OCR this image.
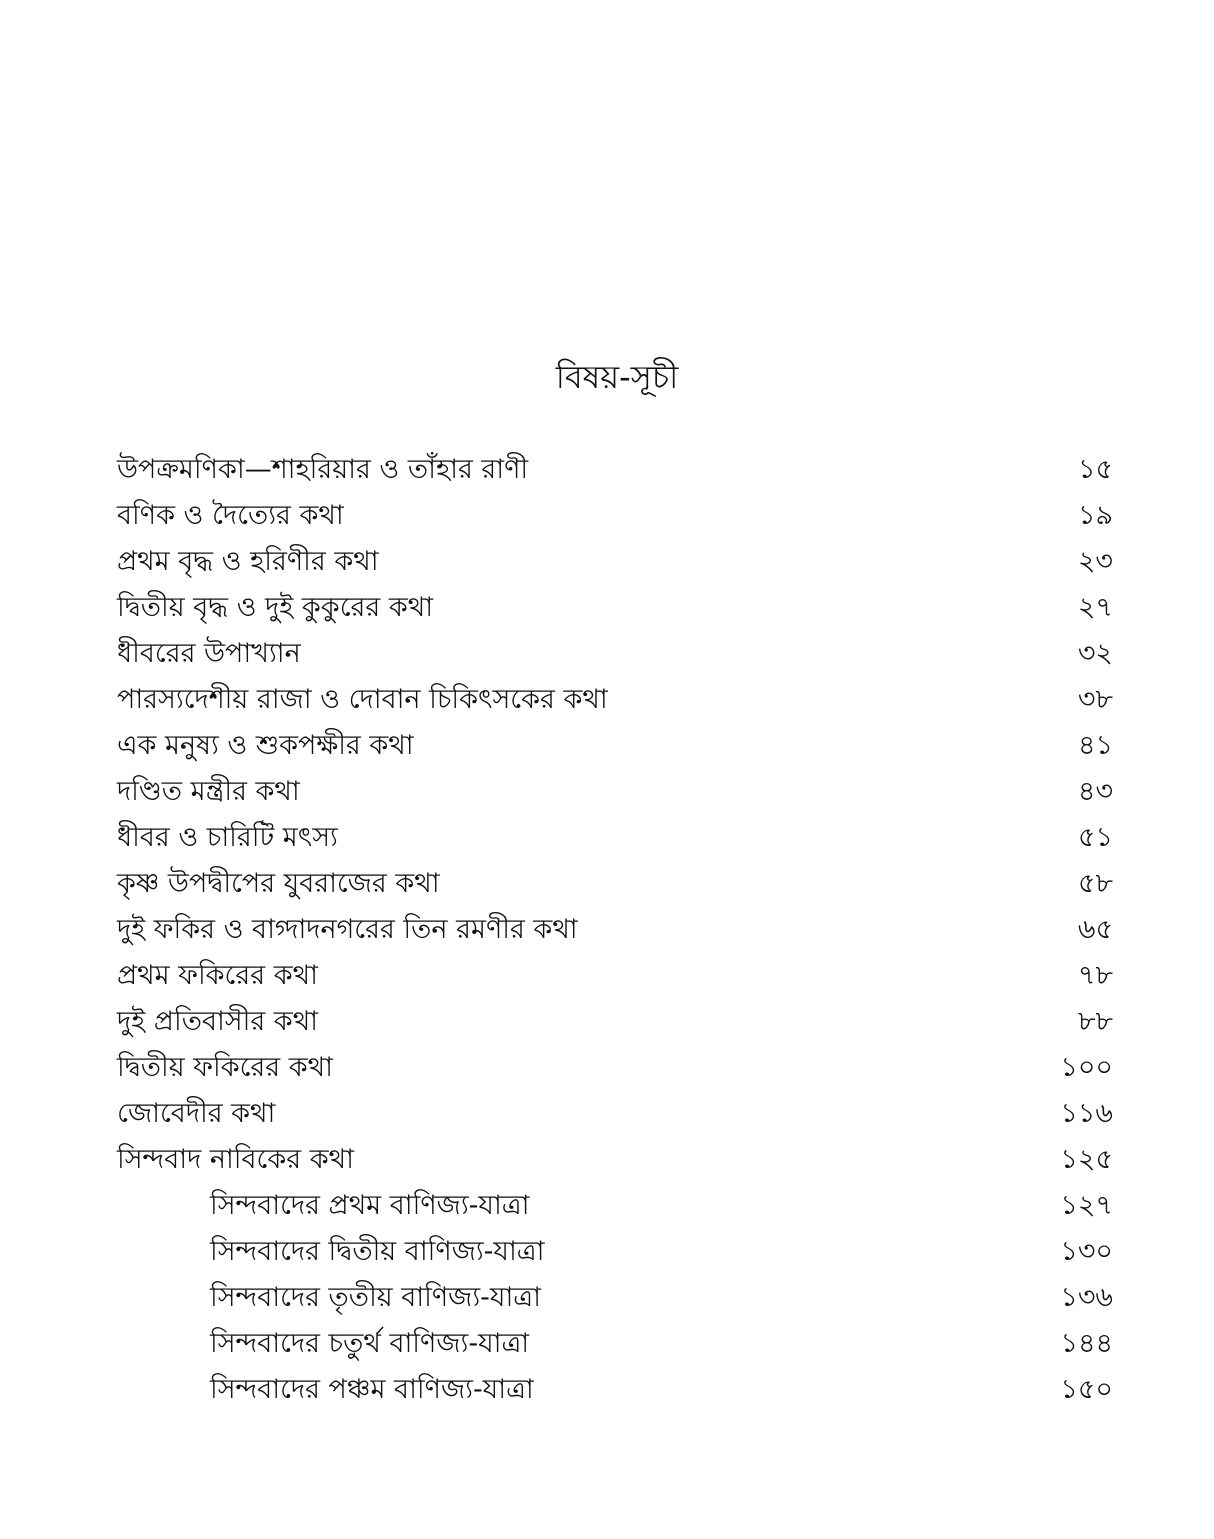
বিষয়-সূচী
উপক্রমণিকা—শাহরিয়ার ও তাঁহার রাণী	১৫
বণিক ও দৈত্যের কথা	১৯
প্রথম বৃদ্ধ ও হরিণীর কথা	২৩
দ্বিতীয় বৃদ্ধ ও দুই কুকুরের কথা	২৭
ধীবরের উপাখ্যান	৩২
পারস্যদেশীয় রাজা ও দোবান চিকিৎসকের কথা	৩৮
এক মনুষ্য ও শুকপক্ষীর কথা	৪১
দণ্ডিত মন্ত্রীর কথা	৪৩
ধীবর ও চারিটি মৎস্য	৫১
কৃষ্ণ উপদ্বীপের যুবরাজের কথা	৫৮
দুই ফকির ও বাগ্দাদনগরের তিন রমণীর কথা	৬৫
প্রথম ফকিরের কথা	৭৮
দুই প্রতিবাসীর কথা	৮৮
দ্বিতীয় ফকিরের কথা	১০০
জোবেদীর কথা	১১৬
সিন্দবাদ নাবিকের কথা	১২৫
সিন্দবাদের প্রথম বাণিজ্য-যাত্রা	১২৭
সিন্দবাদের দ্বিতীয় বাণিজ্য-যাত্রা	১৩০
সিন্দবাদের তৃতীয় বাণিজ্য-যাত্রা	১৩৬
সিন্দবাদের চতুর্থ বাণিজ্য-যাত্রা	১৪৪
সিন্দবাদের পঞ্চম বাণিজ্য-যাত্রা	১৫০
